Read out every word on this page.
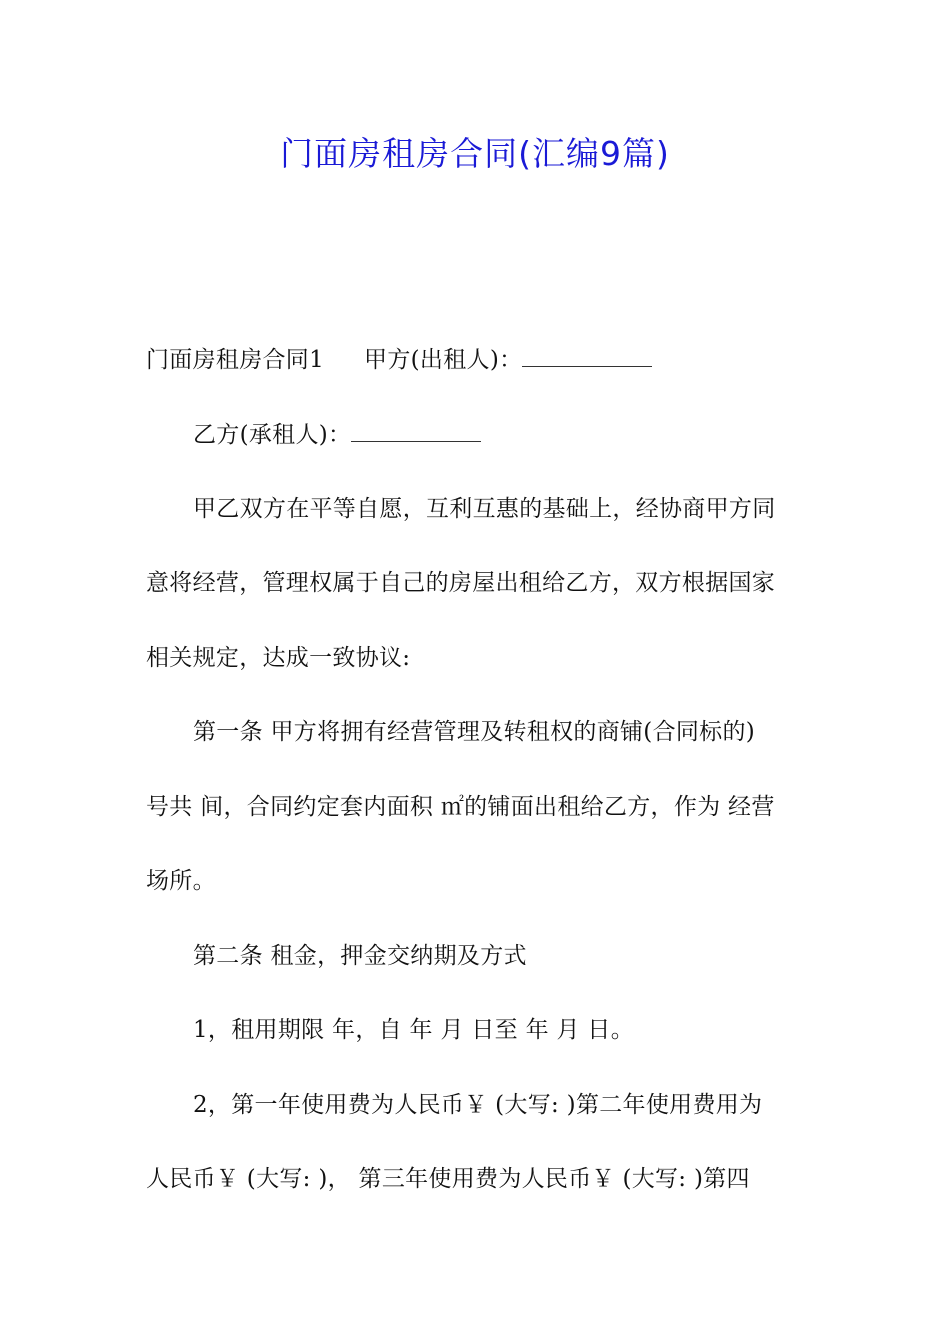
门面房租房合同(汇编9篇)
门面房租房合同1 甲方(出租人)：
乙方(承租人)：
甲乙双方在平等自愿，互利互惠的基础上，经协商甲方同
意将经营，管理权属于自己的房屋出租给乙方，双方根据国家
相关规定，达成一致协议:
第一条 甲方将拥有经营管理及转租权的商铺(合同标的)
号共 间，合同约定套内面积 ㎡的铺面出租给乙方，作为 经营
场所。
第二条 租金，押金交纳期及方式
1，租用期限 年，自 年 月 日至 年 月 日。
2，第一年使用费为人民币￥ (大写: )第二年使用费用为
人民币￥ (大写: )， 第三年使用费为人民币￥ (大写: )第四
